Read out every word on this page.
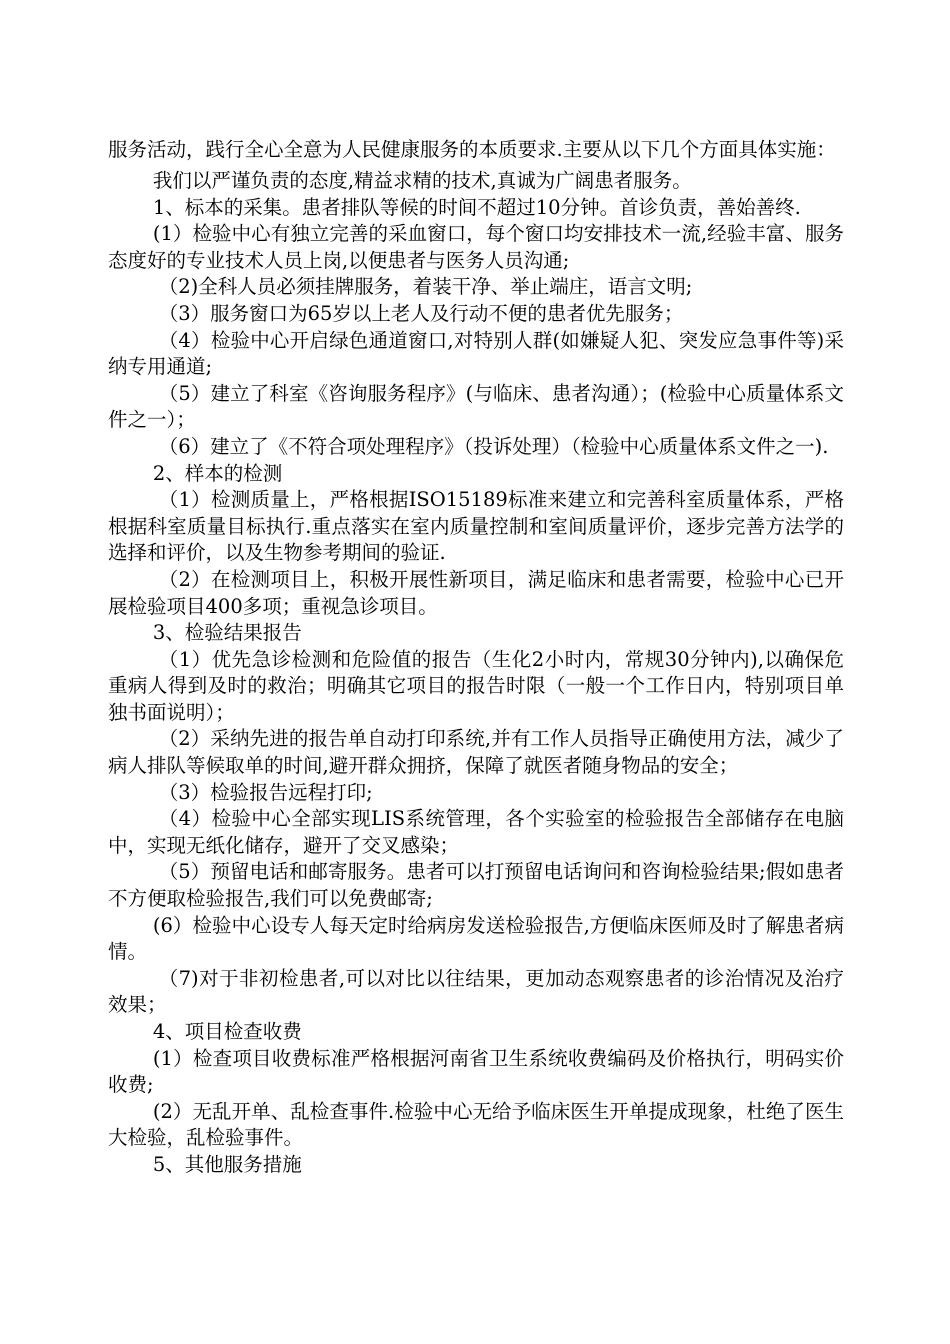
服务活动，践行全心全意为人民健康服务的本质要求.主要从以下几个方面具体实施：

我们以严谨负责的态度,精益求精的技术,真诚为广阔患者服务。

1、标本的采集。患者排队等候的时间不超过10分钟。首诊负责，善始善终.

(1）检验中心有独立完善的采血窗口，每个窗口均安排技术一流,经验丰富、服务态度好的专业技术人员上岗,以便患者与医务人员沟通;

（2)全科人员必须挂牌服务，着装干净、举止端庄，语言文明;

（3）服务窗口为65岁以上老人及行动不便的患者优先服务；

（4）检验中心开启绿色通道窗口,对特别人群(如嫌疑人犯、突发应急事件等)采纳专用通道;

（5）建立了科室《咨询服务程序》(与临床、患者沟通）；(检验中心质量体系文件之一）；

（6）建立了《不符合项处理程序》（投诉处理）（检验中心质量体系文件之一).

2、样本的检测

（1）检测质量上，严格根据ISO15189标准来建立和完善科室质量体系，严格根据科室质量目标执行.重点落实在室内质量控制和室间质量评价，逐步完善方法学的选择和评价，以及生物参考期间的验证.

（2）在检测项目上，积极开展性新项目，满足临床和患者需要，检验中心已开展检验项目400多项；重视急诊项目。

3、检验结果报告

（1）优先急诊检测和危险值的报告（生化2小时内，常规30分钟内),以确保危重病人得到及时的救治；明确其它项目的报告时限（一般一个工作日内，特别项目单独书面说明）；

（2）采纳先进的报告单自动打印系统,并有工作人员指导正确使用方法，减少了病人排队等候取单的时间,避开群众拥挤，保障了就医者随身物品的安全；

（3）检验报告远程打印;

（4）检验中心全部实现LIS系统管理，各个实验室的检验报告全部储存在电脑中，实现无纸化储存，避开了交叉感染；

（5）预留电话和邮寄服务。患者可以打预留电话询问和咨询检验结果;假如患者不方便取检验报告,我们可以免费邮寄;

(6）检验中心设专人每天定时给病房发送检验报告,方便临床医师及时了解患者病情。

（7)对于非初检患者,可以对比以往结果，更加动态观察患者的诊治情况及治疗效果；

4、项目检查收费

(1）检查项目收费标准严格根据河南省卫生系统收费编码及价格执行，明码实价收费;

(2）无乱开单、乱检查事件.检验中心无给予临床医生开单提成现象，杜绝了医生大检验，乱检验事件。

5、其他服务措施
